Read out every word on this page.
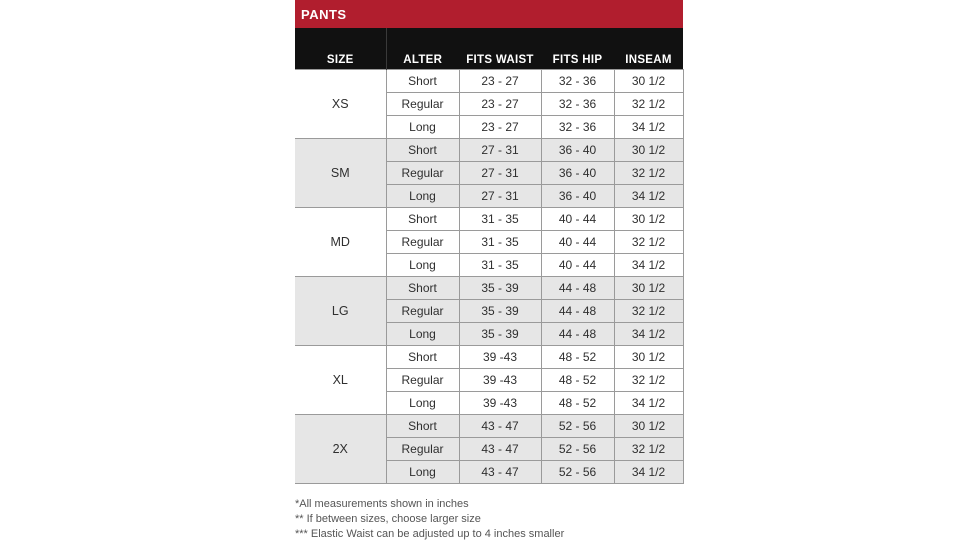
PANTS
SIZE	ALTER	FITS WAIST	FITS HIP	INSEAM
XS	Short	23 - 27	32 - 36	30 1/2
	Regular	23 - 27	32 - 36	32 1/2
	Long	23 - 27	32 - 36	34 1/2
SM	Short	27 - 31	36 - 40	30 1/2
	Regular	27 - 31	36 - 40	32 1/2
	Long	27 - 31	36 - 40	34 1/2
MD	Short	31 - 35	40 - 44	30 1/2
	Regular	31 - 35	40 - 44	32 1/2
	Long	31 - 35	40 - 44	34 1/2
LG	Short	35 - 39	44 - 48	30 1/2
	Regular	35 - 39	44 - 48	32 1/2
	Long	35 - 39	44 - 48	34 1/2
XL	Short	39 -43	48 - 52	30 1/2
	Regular	39 -43	48 - 52	32 1/2
	Long	39 -43	48 - 52	34 1/2
2X	Short	43 - 47	52 - 56	30 1/2
	Regular	43 - 47	52 - 56	32 1/2
	Long	43 - 47	52 - 56	34 1/2
*All measurements shown in inches
** If between sizes, choose larger size
*** Elastic Waist can be adjusted up to 4 inches smaller
